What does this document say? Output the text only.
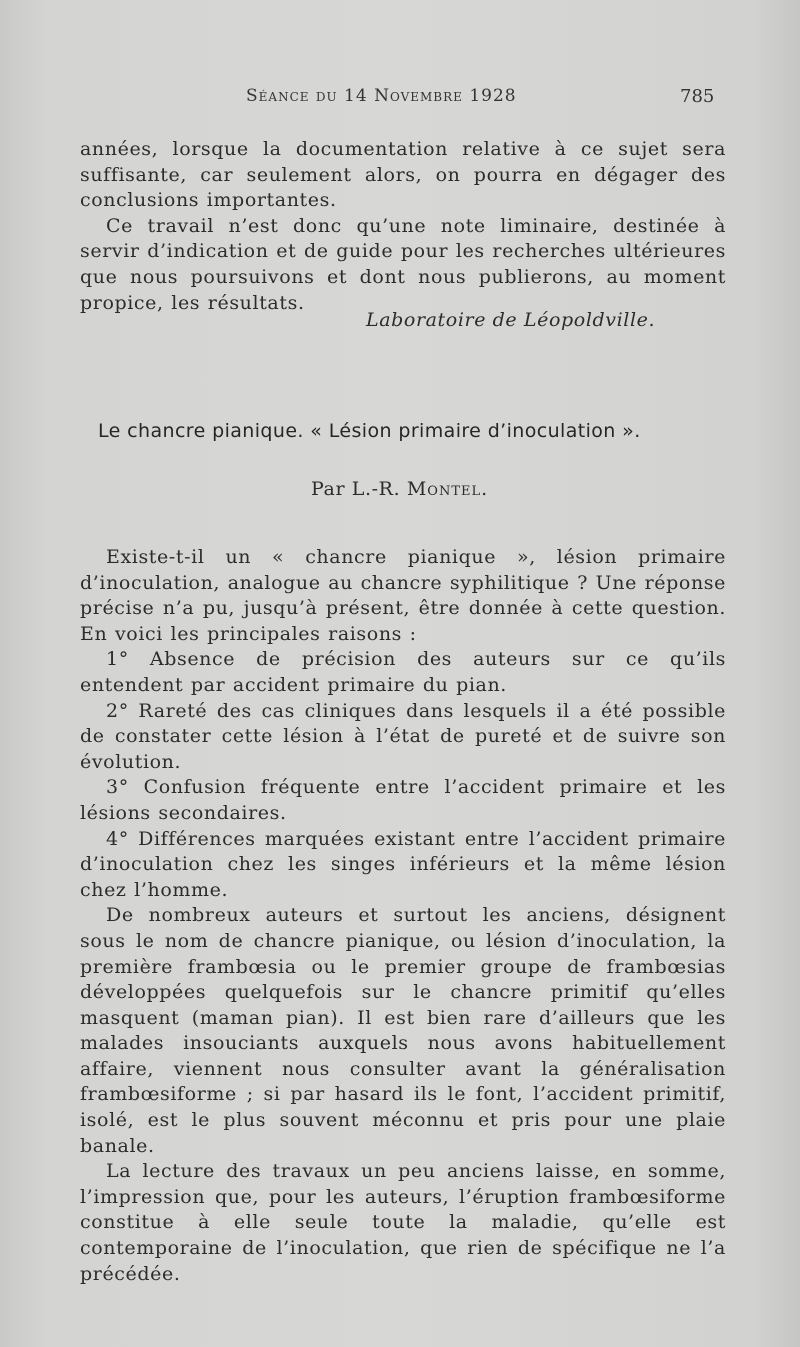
Séance du 14 Novembre 1928	785

années, lorsque la documentation relative à ce sujet sera suffisante, car seulement alors, on pourra en dégager des conclusions importantes.

Ce travail n’est donc qu’une note liminaire, destinée à servir d’indication et de guide pour les recherches ultérieures que nous poursuivons et dont nous publierons, au moment propice, les résultats.

Laboratoire de Léopoldville.
Le chancre pianique. « Lésion primaire d’inoculation ».
Par L.-R. Montel.

Existe-t-il un « chancre pianique », lésion primaire d’inoculation, analogue au chancre syphilitique ? Une réponse précise n’a pu, jusqu’à présent, être donnée à cette question. En voici les principales raisons :

1° Absence de précision des auteurs sur ce qu’ils entendent par accident primaire du pian.

2° Rareté des cas cliniques dans lesquels il a été possible de constater cette lésion à l’état de pureté et de suivre son évolution.

3° Confusion fréquente entre l’accident primaire et les lésions secondaires.

4° Différences marquées existant entre l’accident primaire d’inoculation chez les singes inférieurs et la même lésion chez l’homme.

De nombreux auteurs et surtout les anciens, désignent sous le nom de chancre pianique, ou lésion d’inoculation, la première frambœsia ou le premier groupe de frambœsias développées quelquefois sur le chancre primitif qu’elles masquent (maman pian). Il est bien rare d’ailleurs que les malades insouciants auxquels nous avons habituellement affaire, viennent nous consulter avant la généralisation frambœsiforme ; si par hasard ils le font, l’accident primitif, isolé, est le plus souvent méconnu et pris pour une plaie banale.

La lecture des travaux un peu anciens laisse, en somme, l’impression que, pour les auteurs, l’éruption frambœsiforme constitue à elle seule toute la maladie, qu’elle est contemporaine de l’inoculation, que rien de spécifique ne l’a précédée.
